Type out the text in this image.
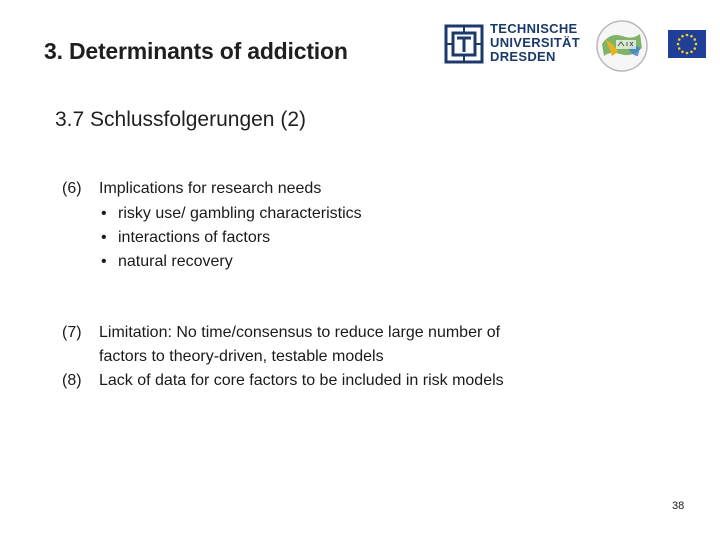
3. Determinants of addiction
TECHNISCHE
UNIVERSITÄT
DRESDEN
3.7 Schlussfolgerungen (2)
(6)	Implications for research needs
• risky use/ gambling characteristics
• interactions of factors
• natural recovery
(7)	Limitation: No time/consensus to reduce large number of
factors to theory-driven, testable models
(8)	Lack of data for core factors to be included in risk models
38
